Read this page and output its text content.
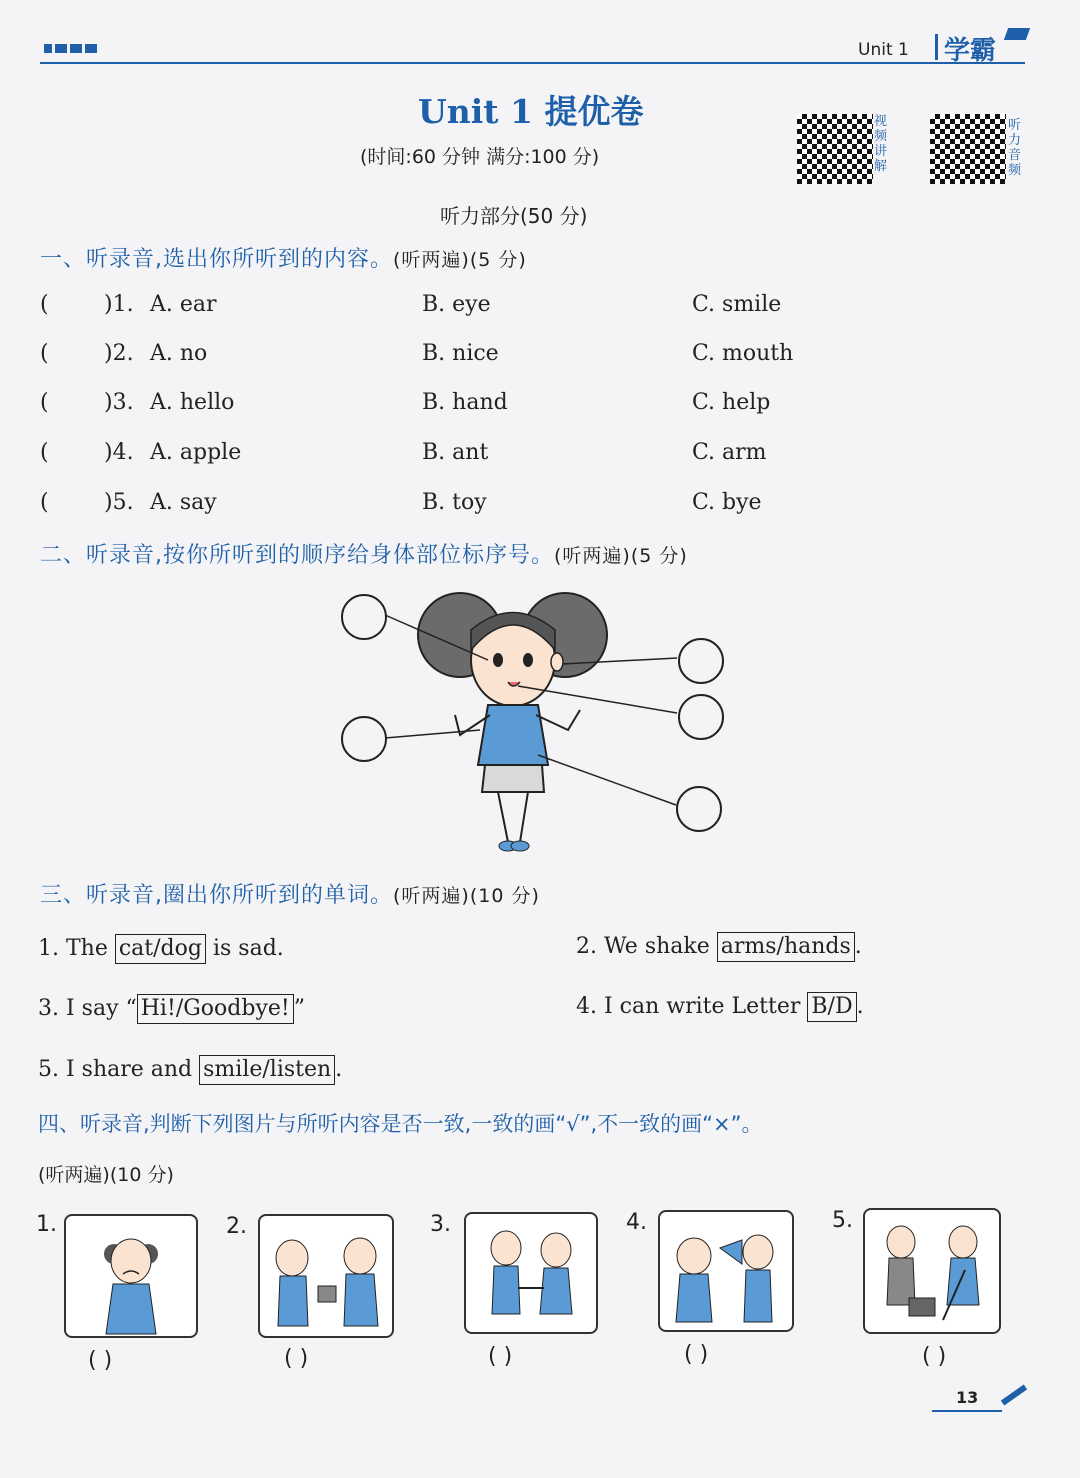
Unit 1 学霸
Unit 1 提优卷
(时间:60 分钟 满分:100 分)
视频讲解
听力音频
听力部分(50 分)
一、听录音,选出你所听到的内容。(听两遍)(5 分)
(	)1. A. ear	B. eye	C. smile
(	)2. A. no	B. nice	C. mouth
(	)3. A. hello	B. hand	C. help
(	)4. A. apple	B. ant	C. arm
(	)5. A. say	B. toy	C. bye
二、听录音,按你所听到的顺序给身体部位标序号。(听两遍)(5 分)
三、听录音,圈出你所听到的单词。(听两遍)(10 分)
1. The cat/dog is sad.	2. We shake arms/hands .
3. I say “ Hi!/Goodbye! ”	4. I can write Letter B/D .
5. I share and smile/listen .
四、听录音,判断下列图片与所听内容是否一致,一致的画“√”,不一致的画“×”。
(听两遍)(10 分)
1.
( )
2.
( )
3.
( )
4.
( )
5.
( )
13
